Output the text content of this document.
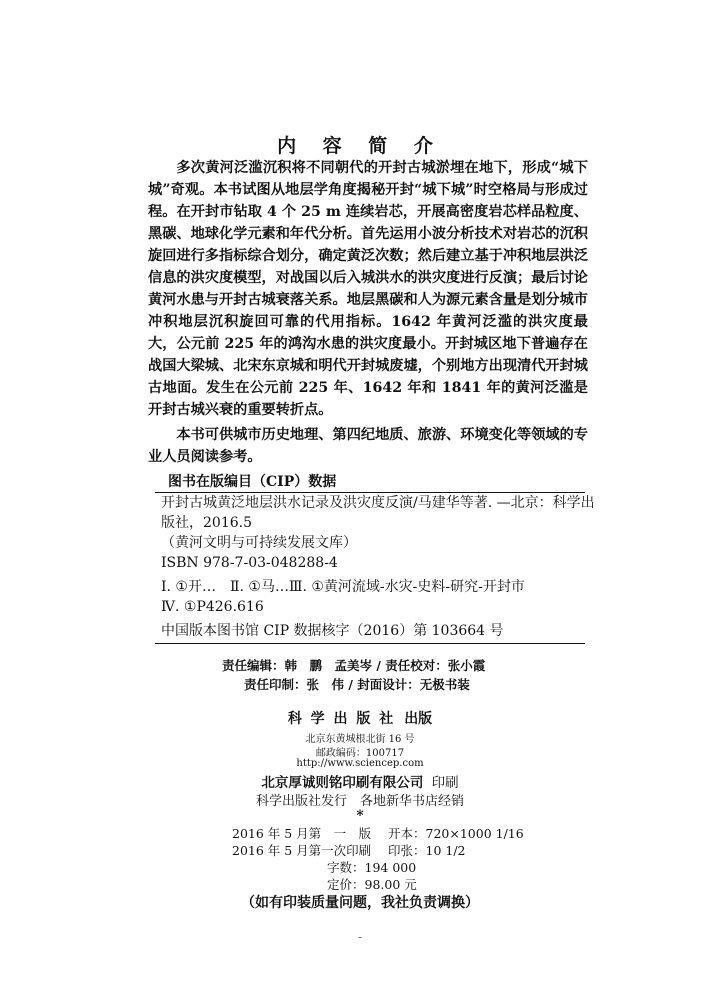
内 容 简 介

多次黄河泛滥沉积将不同朝代的开封古城淤埋在地下，形成“城下城”奇观。本书试图从地层学角度揭秘开封“城下城”时空格局与形成过程。在开封市钻取 4 个 25 m 连续岩芯，开展高密度岩芯样品粒度、黑碳、地球化学元素和年代分析。首先运用小波分析技术对岩芯的沉积旋回进行多指标综合划分，确定黄泛次数；然后建立基于冲积地层洪泛信息的洪灾度模型，对战国以后入城洪水的洪灾度进行反演；最后讨论黄河水患与开封古城衰落关系。地层黑碳和人为源元素含量是划分城市冲积地层沉积旋回可靠的代用指标。1642 年黄河泛滥的洪灾度最大，公元前 225 年的鸿沟水患的洪灾度最小。开封城区地下普遍存在战国大梁城、北宋东京城和明代开封城废墟，个别地方出现清代开封城古地面。发生在公元前 225 年、1642 年和 1841 年的黄河泛滥是开封古城兴衰的重要转折点。

本书可供城市历史地理、第四纪地质、旅游、环境变化等领域的专业人员阅读参考。

图书在版编目（CIP）数据
开封古城黄泛地层洪水记录及洪灾度反演/马建华等著. —北京：科学出
版社，2016.5
（黄河文明与可持续发展文库）
ISBN 978-7-03-048288-4
Ⅰ. ①开…　Ⅱ. ①马…Ⅲ. ①黄河流域-水灾-史料-研究-开封市
Ⅳ. ①P426.616
中国版本图书馆 CIP 数据核字（2016）第 103664 号
责任编辑：韩　鹏　孟美岑 / 责任校对：张小霞
责任印制：张　伟 / 封面设计：无极书装
科 学 出 版 社 出版
北京东黄城根北街 16 号
邮政编码：100717
http://www.sciencep.com
北京厚诚则铭印刷有限公司 印刷
科学出版社发行　各地新华书店经销
*
2016 年 5 月第　一　版 开本：720×1000 1/16
2016 年 5 月第一次印刷 印张：10 1/2
字数：194 000
定价：98.00 元
（如有印装质量问题，我社负责调换）
-
